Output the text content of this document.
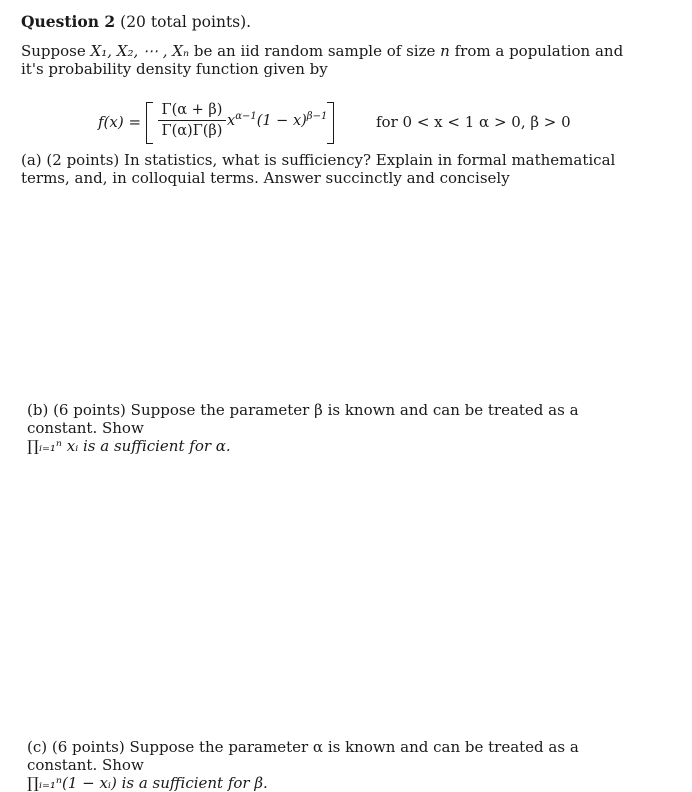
Question 2 (20 total points).
Suppose X₁, X₂, ⋯ , Xₙ be an iid random sample of size n from a population and it's probability density function given by
f(x) =
Γ(α + β)
Γ(α)Γ(β)
$x^{\alpha-1}(1 - x)^{\beta-1}$	for 0 < x < 1 α > 0, β > 0
(a) (2 points) In statistics, what is sufficiency? Explain in formal mathematical terms, and, in colloquial terms. Answer succinctly and concisely
(b) (6 points) Suppose the parameter β is known and can be treated as a constant. Show
∏ᵢ₌₁ⁿ xᵢ is a sufficient for α.
(c) (6 points) Suppose the parameter α is known and can be treated as a constant. Show
∏ᵢ₌₁ⁿ(1 − xᵢ) is a sufficient for β.
